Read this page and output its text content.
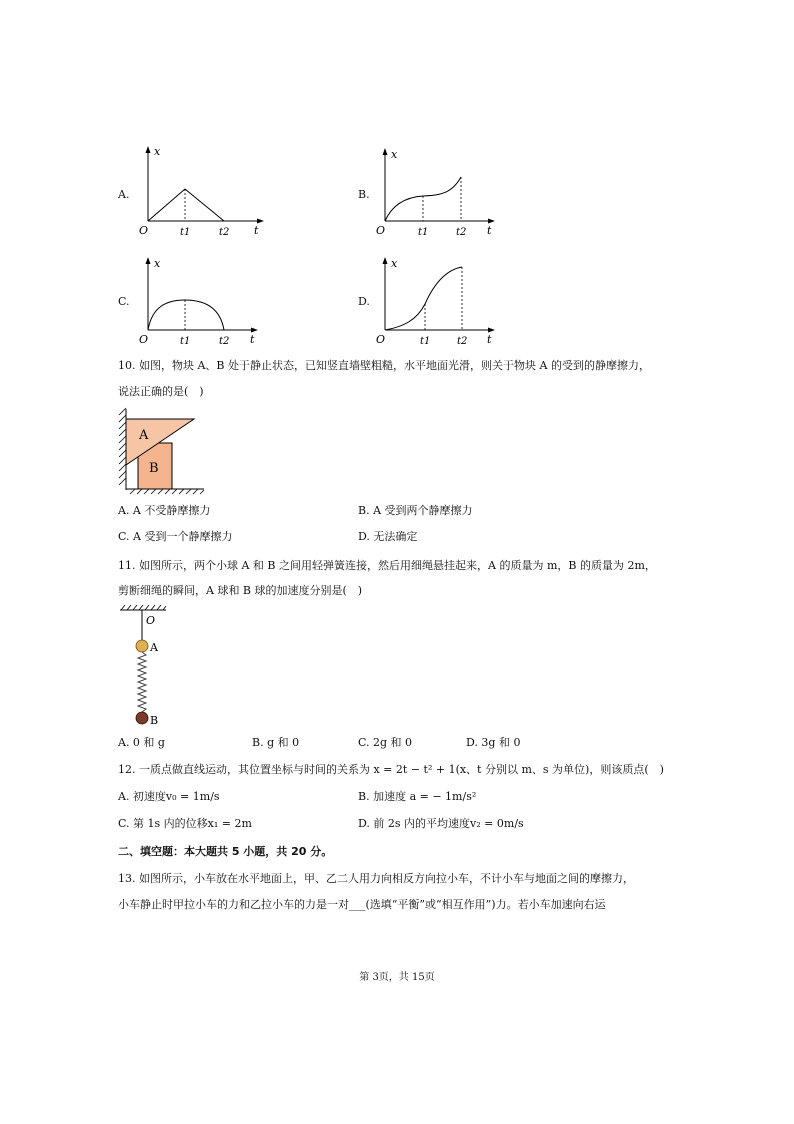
A.	B.
C.	D.
x
O	t1	t2 t
x
O	t1	t2 t
x
O	t1	t2 t
x
O	t1	t2 t
10. 如图，物块 A、B 处于静止状态，已知竖直墙壁粗糙，水平地面光滑，则关于物块 A 的受到的静摩擦力，
说法正确的是(　)
B
A
A. A 不受静摩擦力	B. A 受到两个静摩擦力
C. A 受到一个静摩擦力	D. 无法确定
11. 如图所示，两个小球 A 和 B 之间用轻弹簧连接，然后用细绳悬挂起来，A 的质量为 m，B 的质量为 2m，
剪断细绳的瞬间，A 球和 B 球的加速度分别是(　)
O
A
B
A. 0 和 g	B. g 和 0	C. 2g 和 0	D. 3g 和 0
12. 一质点做直线运动，其位置坐标与时间的关系为 x = 2t − t² + 1(x、t 分别以 m、s 为单位)，则该质点(　)
A. 初速度v₀ = 1m/s	B. 加速度 a = − 1m/s²
C. 第 1s 内的位移x₁ = 2m	D. 前 2s 内的平均速度v₂ = 0m/s
二、填空题：本大题共 5 小题，共 20 分。
13. 如图所示，小车放在水平地面上，甲、乙二人用力向相反方向拉小车，不计小车与地面之间的摩擦力，
小车静止时甲拉小车的力和乙拉小车的力是一对___(选填“平衡”或“相互作用”)力。若小车加速向右运
第 3页，共 15页
